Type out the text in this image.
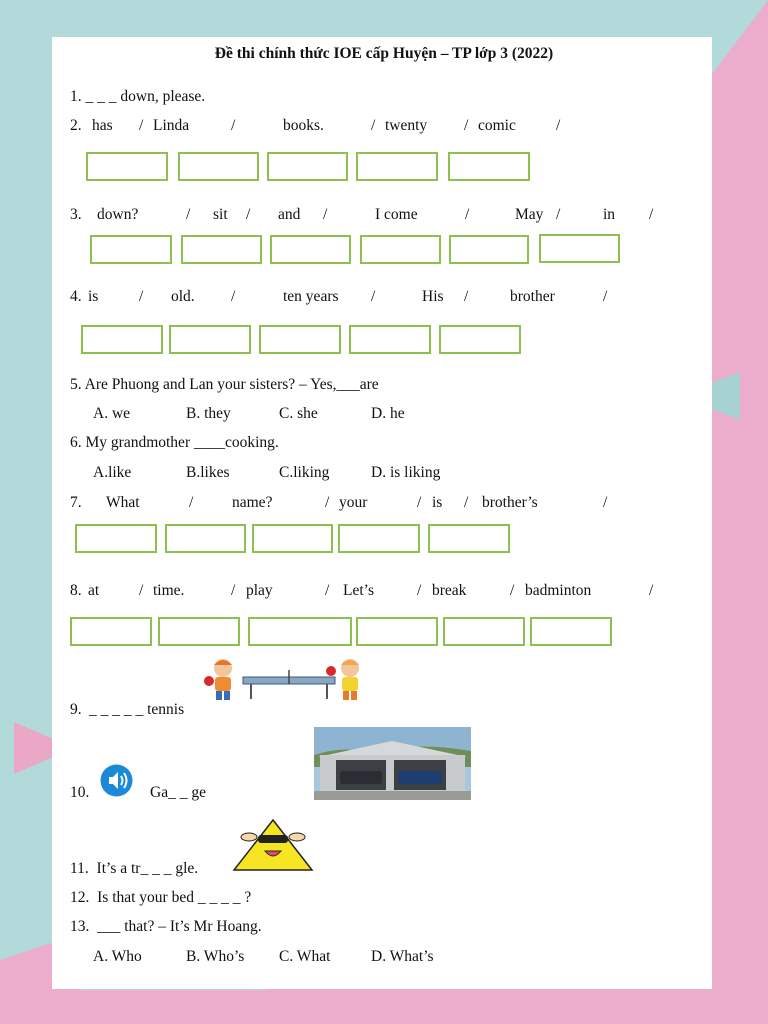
Đề thi chính thức IOE cấp Huyện – TP lớp 3 (2022)
1. _ _ _ down, please.
2. has / Linda	/	books.	/ twenty / comic	/
3. down?	/ sit / and /	I come	/	May /	in /
4. is	/ old. /	ten years /	His /	brother	/
5. Are Phuong and Lan your sisters? – Yes,___are
A. we	B. they	C. she	D. he
6. My grandmother ____cooking.
A.like	B.likes	C.liking	D. is liking
7. What	/ name?	/ your	/ is / brother’s	/
8. at	/ time.	/ play	/ Let’s	/ break	/ badminton	/
9. _ _ _ _ _ tennis
10.	Ga_ _ ge
11.  It’s a tr_ _ _ gle.
12.  Is that your bed _ _ _ _ ?
13.  ___ that? – It’s Mr Hoang.
A. Who	B. Who’s C. What	D. What’s
